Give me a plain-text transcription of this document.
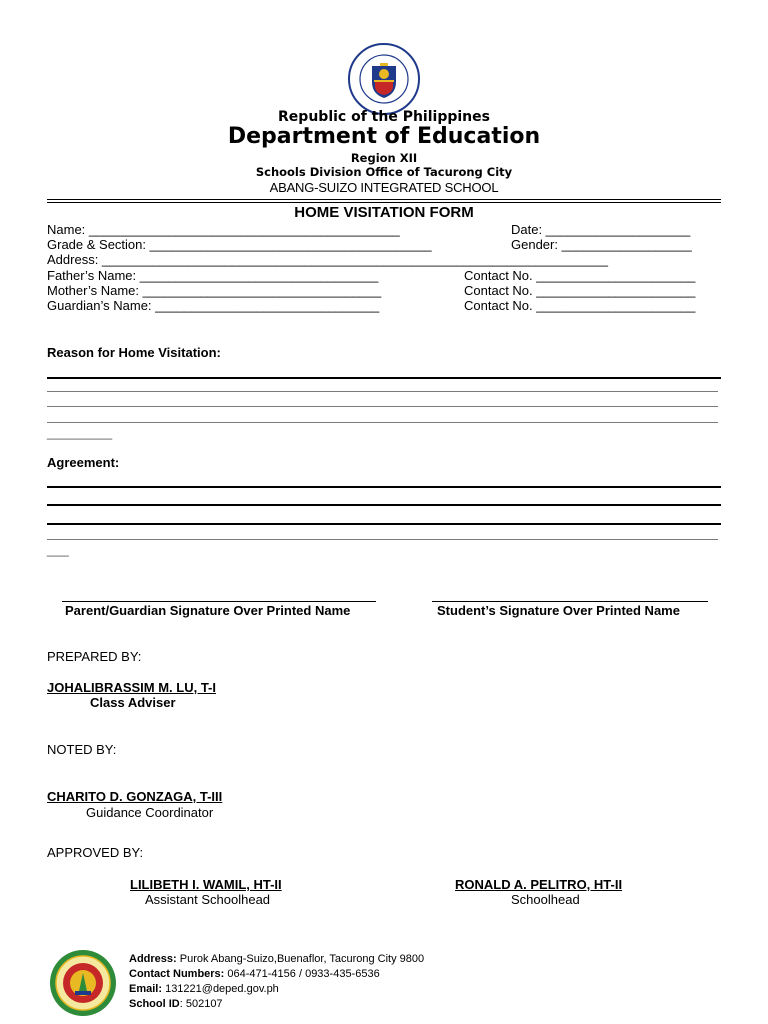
Republic of the Philippines
Department of Education
Region XII
Schools Division Office of Tacurong City
ABANG-SUIZO INTEGRATED SCHOOL
HOME VISITATION FORM
Name: ___________________________________________	Date: ____________________
Grade & Section: _______________________________________	Gender: __________________
Address: ______________________________________________________________________
Father’s Name: _________________________________	Contact No. ______________________
Mother’s Name: _________________________________	Contact No. ______________________
Guardian’s Name: _______________________________	Contact No. ______________________
Reason for Home Visitation:
_________
Agreement:
___
Parent/Guardian Signature Over Printed Name	Student’s Signature Over Printed Name
PREPARED BY:
JOHALIBRASSIM M. LU, T-I
Class Adviser
NOTED BY:
CHARITO D. GONZAGA, T-III
Guidance Coordinator
APPROVED BY:
LILIBETH I. WAMIL, HT-II
Assistant Schoolhead
RONALD A. PELITRO, HT-II
Schoolhead
Address: Purok Abang-Suizo,Buenaflor, Tacurong City 9800
Contact Numbers: 064-471-4156 / 0933-435-6536
Email: 131221@deped.gov.ph
School ID: 502107
